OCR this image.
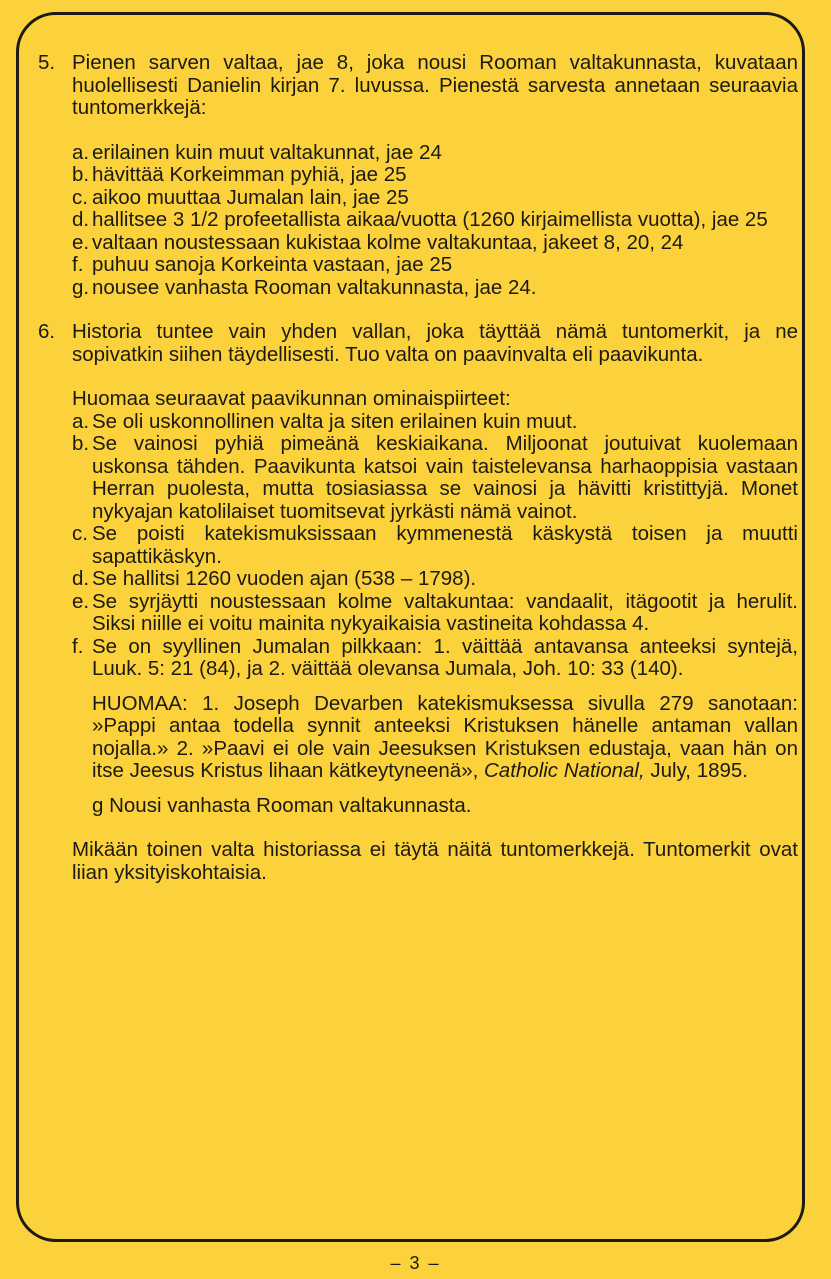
5. Pienen sarven valtaa, jae 8, joka nousi Rooman valtakunnasta, kuvataan huolellisesti Danielin kirjan 7. luvussa. Pienestä sarvesta annetaan seuraavia tuntomerkkejä:
a. erilainen kuin muut valtakunnat, jae 24
b. hävittää Korkeimman pyhiä, jae 25
c. aikoo muuttaa Jumalan lain, jae 25
d. hallitsee 3 1/2 profeetallista aikaa/vuotta (1260 kirjaimellista vuotta), jae 25
e. valtaan noustessaan kukistaa kolme valtakuntaa, jakeet 8, 20, 24
f. puhuu sanoja Korkeinta vastaan, jae 25
g. nousee vanhasta Rooman valtakunnasta, jae 24.
6. Historia tuntee vain yhden vallan, joka täyttää nämä tuntomerkit, ja ne sopivatkin siihen täydellisesti. Tuo valta on paavinvalta eli paavikunta.
Huomaa seuraavat paavikunnan ominaispiirteet:
a. Se oli uskonnollinen valta ja siten erilainen kuin muut.
b. Se vainosi pyhiä pimeänä keskiaikana. Miljoonat joutuivat kuolemaan uskonsa tähden. Paavikunta katsoi vain taistelevansa harhaoppisia vastaan Herran puolesta, mutta tosiasiassa se vainosi ja hävitti kristittyjä. Monet nykyajan katolilaiset tuomitsevat jyrkästi nämä vainot.
c. Se poisti katekismuksissaan kymmenestä käskystä toisen ja muutti sapattikäskyn.
d. Se hallitsi 1260 vuoden ajan (538 – 1798).
e. Se syrjäytti noustessaan kolme valtakuntaa: vandaalit, itägootit ja herulit. Siksi niille ei voitu mainita nykyaikaisia vastineita kohdassa 4.
f. Se on syyllinen Jumalan pilkkaan: 1. väittää antavansa anteeksi syntejä, Luuk. 5: 21 (84), ja 2. väittää olevansa Jumala, Joh. 10: 33 (140).
HUOMAA: 1. Joseph Devarben katekismuksessa sivulla 279 sanotaan: »Pappi antaa todella synnit anteeksi Kristuksen hänelle antaman vallan nojalla.» 2. »Paavi ei ole vain Jeesuksen Kristuksen edustaja, vaan hän on itse Jeesus Kristus lihaan kätkeytyneenä», Catholic National, July, 1895.
g Nousi vanhasta Rooman valtakunnasta.
Mikään toinen valta historiassa ei täytä näitä tuntomerkkejä. Tuntomerkit ovat liian yksityiskohtaisia.
– 3 –
